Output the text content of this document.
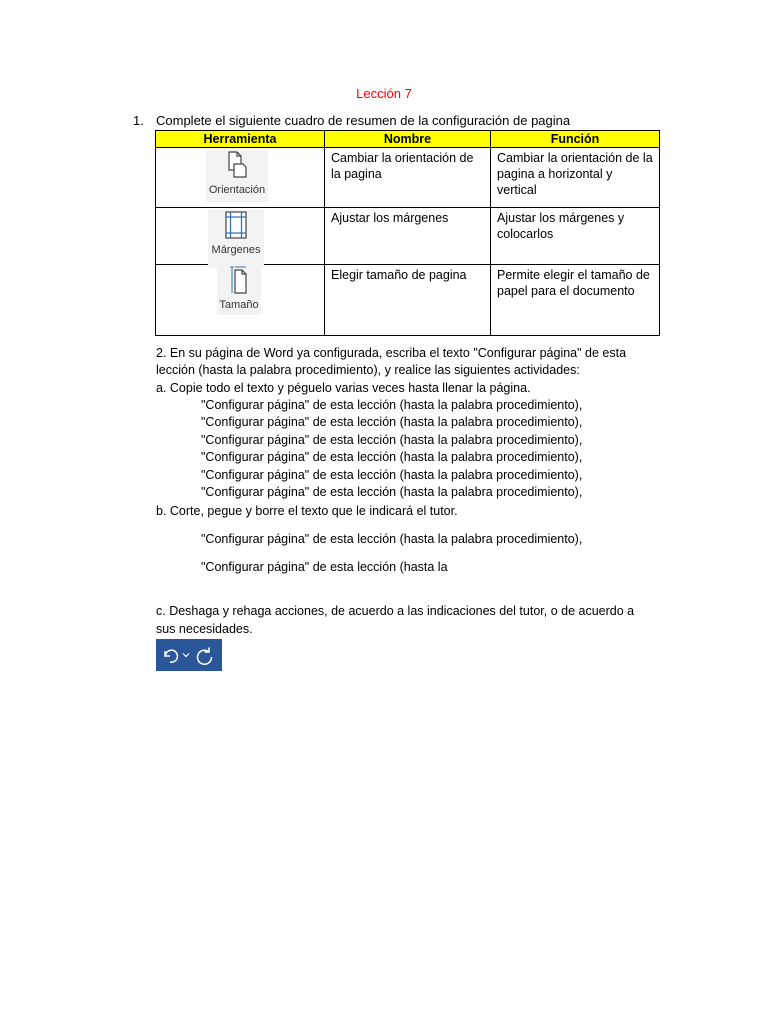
Lección 7
1. Complete el siguiente cuadro de resumen de la configuración de pagina
Herramienta	Nombre	Función

Orientación	Cambiar la orientación de la pagina	Cambiar la orientación de la pagina a horizontal y vertical

Márgenes	Ajustar los márgenes	Ajustar los márgenes y colocarlos

Tamaño	Elegir tamaño de pagina	Permite elegir el tamaño de papel para el documento
2. En su página de Word ya configurada, escriba el texto "Configurar página" de esta
lección (hasta la palabra procedimiento), y realice las siguientes actividades:
a. Copie todo el texto y péguelo varias veces hasta llenar la página.
"Configurar página" de esta lección (hasta la palabra procedimiento),
"Configurar página" de esta lección (hasta la palabra procedimiento),
"Configurar página" de esta lección (hasta la palabra procedimiento),
"Configurar página" de esta lección (hasta la palabra procedimiento),
"Configurar página" de esta lección (hasta la palabra procedimiento),
"Configurar página" de esta lección (hasta la palabra procedimiento),
b. Corte, pegue y borre el texto que le indicará el tutor.
"Configurar página" de esta lección (hasta la palabra procedimiento),
"Configurar página" de esta lección (hasta la
c. Deshaga y rehaga acciones, de acuerdo a las indicaciones del tutor, o de acuerdo a
sus necesidades.
